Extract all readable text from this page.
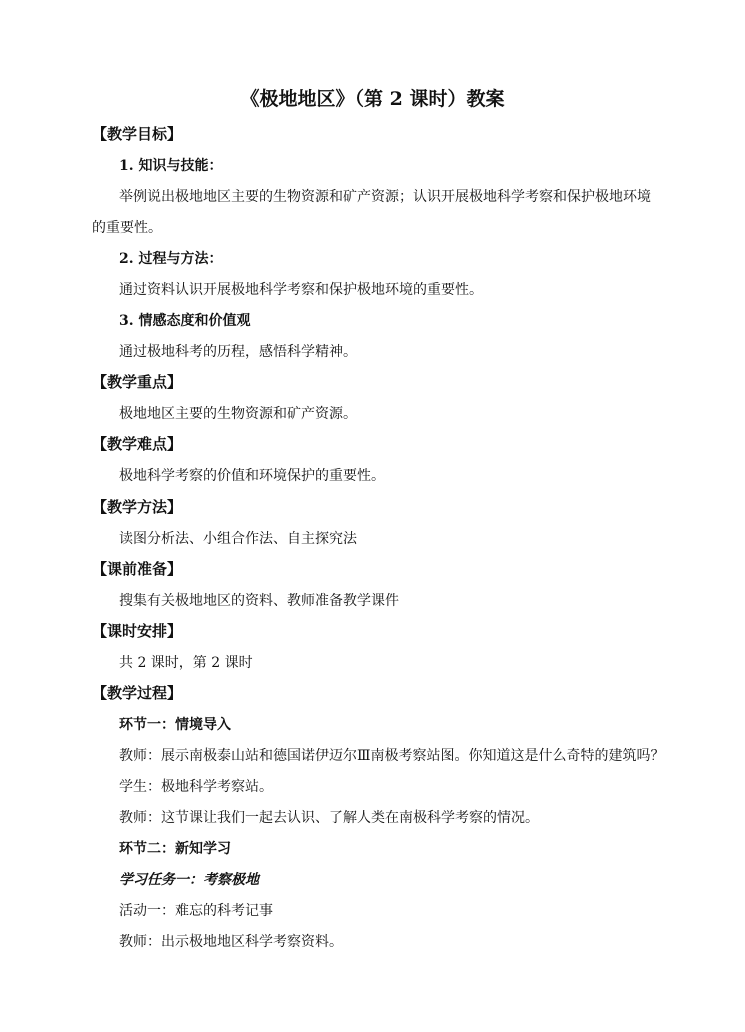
《极地地区》（第 2 课时）教案
【教学目标】
1. 知识与技能：
举例说出极地地区主要的生物资源和矿产资源；认识开展极地科学考察和保护极地环境
的重要性。
2. 过程与方法：
通过资料认识开展极地科学考察和保护极地环境的重要性。
3. 情感态度和价值观
通过极地科考的历程，感悟科学精神。
【教学重点】
极地地区主要的生物资源和矿产资源。
【教学难点】
极地科学考察的价值和环境保护的重要性。
【教学方法】
读图分析法、小组合作法、自主探究法
【课前准备】
搜集有关极地地区的资料、教师准备教学课件
【课时安排】
共 2 课时，第 2 课时
【教学过程】
环节一：情境导入
教师：展示南极泰山站和德国诺伊迈尔Ⅲ南极考察站图。你知道这是什么奇特的建筑吗？
学生：极地科学考察站。
教师：这节课让我们一起去认识、了解人类在南极科学考察的情况。
环节二：新知学习
学习任务一：考察极地
活动一：难忘的科考记事
教师：出示极地地区科学考察资料。
